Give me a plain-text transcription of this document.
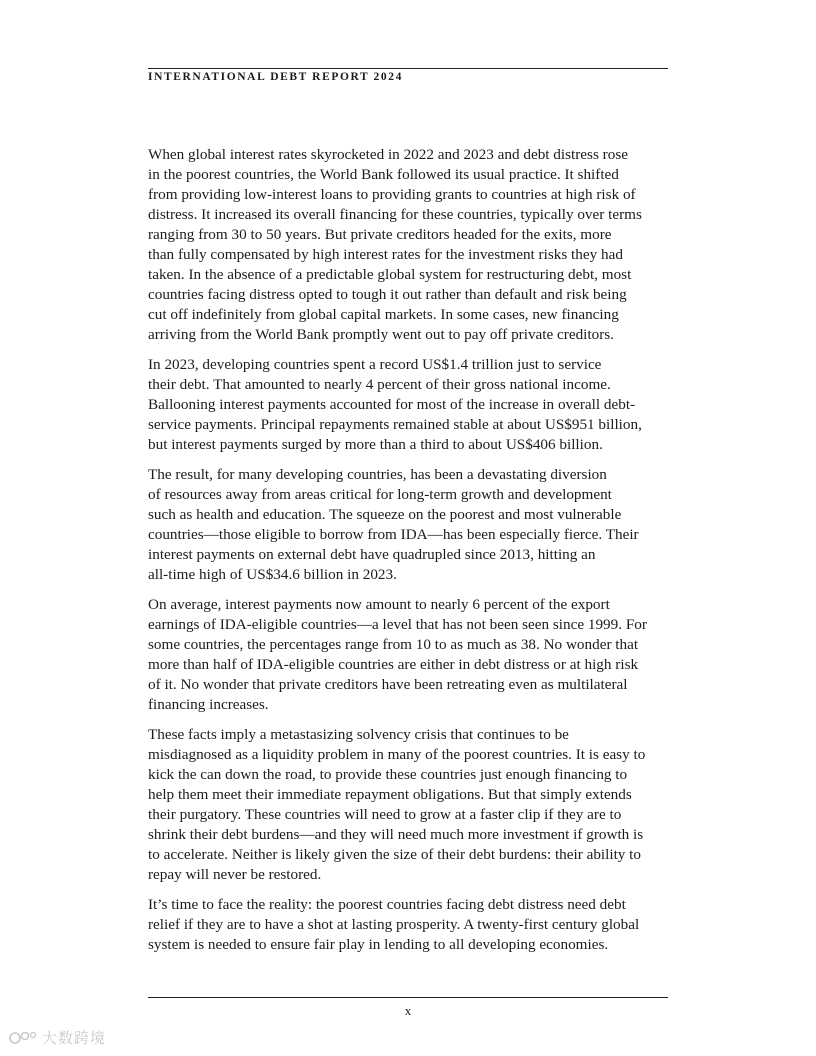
INTERNATIONAL DEBT REPORT 2024

When global interest rates skyrocketed in 2022 and 2023 and debt distress rose
in the poorest countries, the World Bank followed its usual practice. It shifted
from providing low-interest loans to providing grants to countries at high risk of
distress. It increased its overall financing for these countries, typically over terms
ranging from 30 to 50 years. But private creditors headed for the exits, more
than fully compensated by high interest rates for the investment risks they had
taken. In the absence of a predictable global system for restructuring debt, most
countries facing distress opted to tough it out rather than default and risk being
cut off indefinitely from global capital markets. In some cases, new financing
arriving from the World Bank promptly went out to pay off private creditors.

In 2023, developing countries spent a record US$1.4 trillion just to service
their debt. That amounted to nearly 4 percent of their gross national income.
Ballooning interest payments accounted for most of the increase in overall debt-
service payments. Principal repayments remained stable at about US$951 billion,
but interest payments surged by more than a third to about US$406 billion.

The result, for many developing countries, has been a devastating diversion
of resources away from areas critical for long-term growth and development
such as health and education. The squeeze on the poorest and most vulnerable
countries—those eligible to borrow from IDA—has been especially fierce. Their
interest payments on external debt have quadrupled since 2013, hitting an
all-time high of US$34.6 billion in 2023.

On average, interest payments now amount to nearly 6 percent of the export
earnings of IDA-eligible countries—a level that has not been seen since 1999. For
some countries, the percentages range from 10 to as much as 38. No wonder that
more than half of IDA-eligible countries are either in debt distress or at high risk
of it. No wonder that private creditors have been retreating even as multilateral
financing increases.

These facts imply a metastasizing solvency crisis that continues to be
misdiagnosed as a liquidity problem in many of the poorest countries. It is easy to
kick the can down the road, to provide these countries just enough financing to
help them meet their immediate repayment obligations. But that simply extends
their purgatory. These countries will need to grow at a faster clip if they are to
shrink their debt burdens—and they will need much more investment if growth is
to accelerate. Neither is likely given the size of their debt burdens: their ability to
repay will never be restored.

It’s time to face the reality: the poorest countries facing debt distress need debt
relief if they are to have a shot at lasting prosperity. A twenty-first century global
system is needed to ensure fair play in lending to all developing economies.

x
大数跨境
